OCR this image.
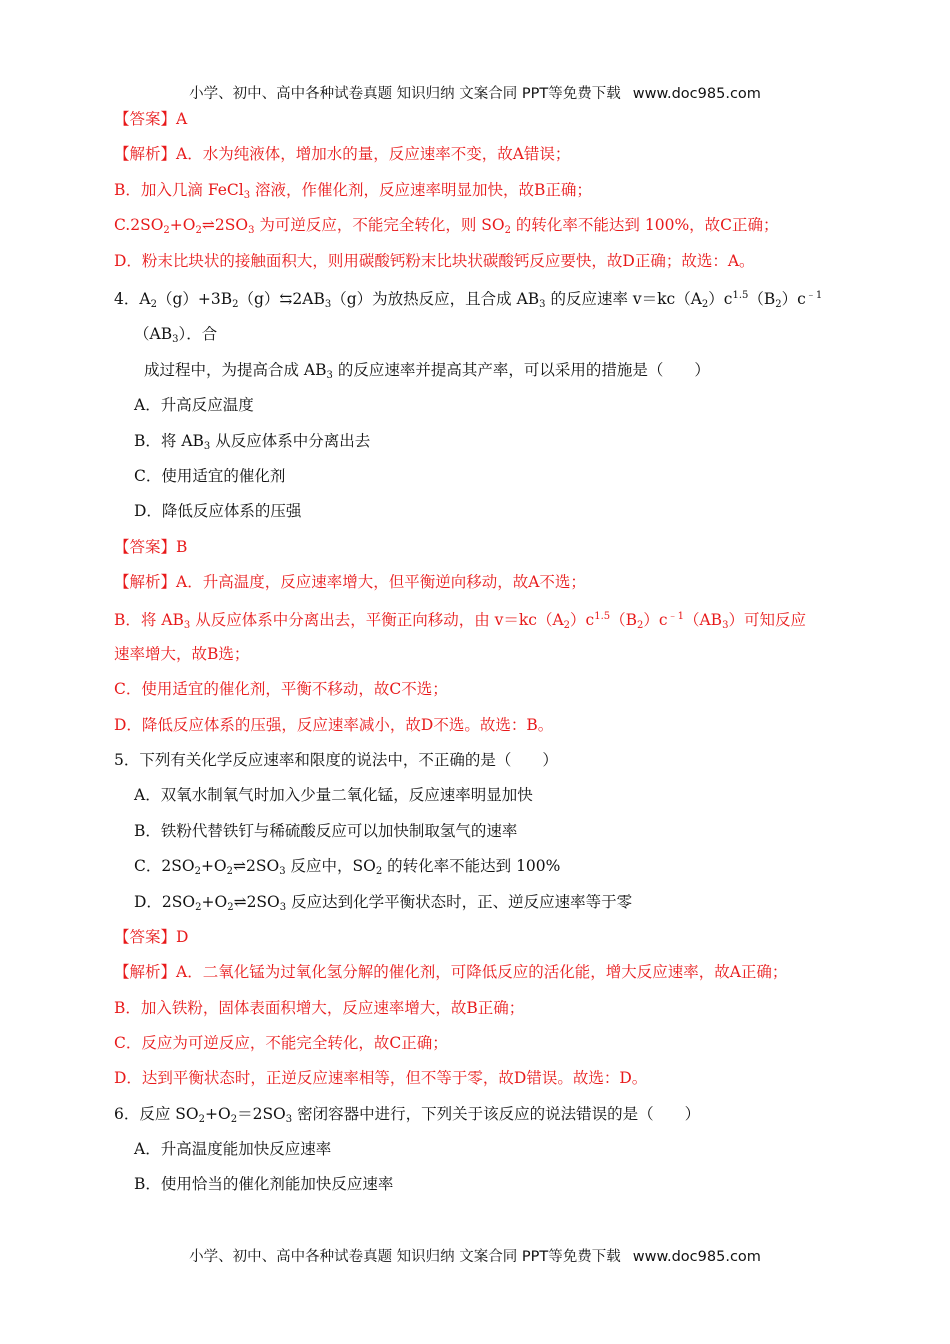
小学、初中、高中各种试卷真题 知识归纳 文案合同 PPT等免费下载 www.doc985.com
【答案】A
【解析】A．水为纯液体，增加水的量，反应速率不变，故A错误；
B．加入几滴 FeCl$_3$ 溶液，作催化剂，反应速率明显加快，故B正确；
$C.2SO_2+O_2\rightleftharpoons 2SO_3$ 为可逆反应，不能完全转化，则 $SO_2$ 的转化率不能达到 100%，故C正确；
D．粉末比块状的接触面积大，则用碳酸钙粉末比块状碳酸钙反应要快，故D正确；故选：A。
4．$A_2(g)+3B_2(g)⇆2AB_3(g)$为放热反应，且合成 $AB_3$ 的反应速率 $v=kc(A_2)c^{1.5}(B_2)c^{﹣1}$
$(AB_3)$．合
成过程中，为提高合成 $AB_3$ 的反应速率并提高其产率，可以采用的措施是（　　）
A．升高反应温度
B．将 $AB_3$ 从反应体系中分离出去
C．使用适宜的催化剂
D．降低反应体系的压强
【答案】B
【解析】A．升高温度，反应速率增大，但平衡逆向移动，故A不选；
B．将 $AB_3$ 从反应体系中分离出去，平衡正向移动，由 $v=kc(A_2)c^{1.5}(B_2)c^{﹣1}(AB_3)$可知反应
速率增大，故B选；
C．使用适宜的催化剂，平衡不移动，故C不选；
D．降低反应体系的压强，反应速率减小，故D不选。故选：B。
5．下列有关化学反应速率和限度的说法中，不正确的是（　　）
A．双氧水制氧气时加入少量二氧化锰，反应速率明显加快
B．铁粉代替铁钉与稀硫酸反应可以加快制取氢气的速率
C．$2SO_2+O_2\rightleftharpoons 2SO_3$ 反应中，$SO_2$ 的转化率不能达到 100%
D．$2SO_2+O_2\rightleftharpoons 2SO_3$ 反应达到化学平衡状态时，正、逆反应速率等于零
【答案】D
【解析】A．二氧化锰为过氧化氢分解的催化剂，可降低反应的活化能，增大反应速率，故A正确；
B．加入铁粉，固体表面积增大，反应速率增大，故B正确；
C．反应为可逆反应，不能完全转化，故C正确；
D．达到平衡状态时，正逆反应速率相等，但不等于零，故D错误。故选：D。
6．反应 $SO_2+O_2=2SO_3$ 密闭容器中进行，下列关于该反应的说法错误的是（　　）
A．升高温度能加快反应速率
B．使用恰当的催化剂能加快反应速率
小学、初中、高中各种试卷真题 知识归纳 文案合同 PPT等免费下载 www.doc985.com
